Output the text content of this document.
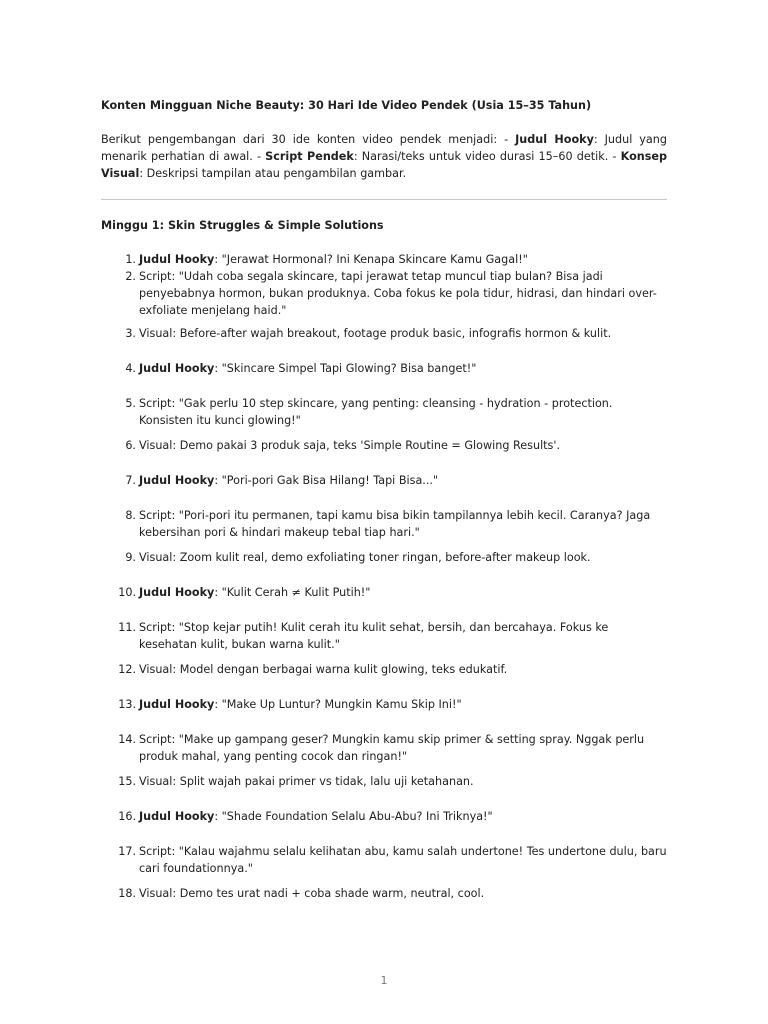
Konten Mingguan Niche Beauty: 30 Hari Ide Video Pendek (Usia 15–35 Tahun)

Berikut pengembangan dari 30 ide konten video pendek menjadi: - Judul Hooky: Judul yang menarik perhatian di awal. - Script Pendek: Narasi/teks untuk video durasi 15–60 detik. - Konsep Visual: Deskripsi tampilan atau pengambilan gambar.

Minggu 1: Skin Struggles & Simple Solutions
1. Judul Hooky: "Jerawat Hormonal? Ini Kenapa Skincare Kamu Gagal!"
2. Script: "Udah coba segala skincare, tapi jerawat tetap muncul tiap bulan? Bisa jadi penyebabnya hormon, bukan produknya. Coba fokus ke pola tidur, hidrasi, dan hindari over-exfoliate menjelang haid."
3. Visual: Before-after wajah breakout, footage produk basic, infografis hormon & kulit.
4. Judul Hooky: "Skincare Simpel Tapi Glowing? Bisa banget!"
5. Script: "Gak perlu 10 step skincare, yang penting: cleansing - hydration - protection. Konsisten itu kunci glowing!"
6. Visual: Demo pakai 3 produk saja, teks 'Simple Routine = Glowing Results'.
7. Judul Hooky: "Pori-pori Gak Bisa Hilang! Tapi Bisa..."
8. Script: "Pori-pori itu permanen, tapi kamu bisa bikin tampilannya lebih kecil. Caranya? Jaga kebersihan pori & hindari makeup tebal tiap hari."
9. Visual: Zoom kulit real, demo exfoliating toner ringan, before-after makeup look.
10. Judul Hooky: "Kulit Cerah ≠ Kulit Putih!"
11. Script: "Stop kejar putih! Kulit cerah itu kulit sehat, bersih, dan bercahaya. Fokus ke kesehatan kulit, bukan warna kulit."
12. Visual: Model dengan berbagai warna kulit glowing, teks edukatif.
13. Judul Hooky: "Make Up Luntur? Mungkin Kamu Skip Ini!"
14. Script: "Make up gampang geser? Mungkin kamu skip primer & setting spray. Nggak perlu produk mahal, yang penting cocok dan ringan!"
15. Visual: Split wajah pakai primer vs tidak, lalu uji ketahanan.
16. Judul Hooky: "Shade Foundation Selalu Abu-Abu? Ini Triknya!"
17. Script: "Kalau wajahmu selalu kelihatan abu, kamu salah undertone! Tes undertone dulu, baru cari foundationnya."
18. Visual: Demo tes urat nadi + coba shade warm, neutral, cool.
1
